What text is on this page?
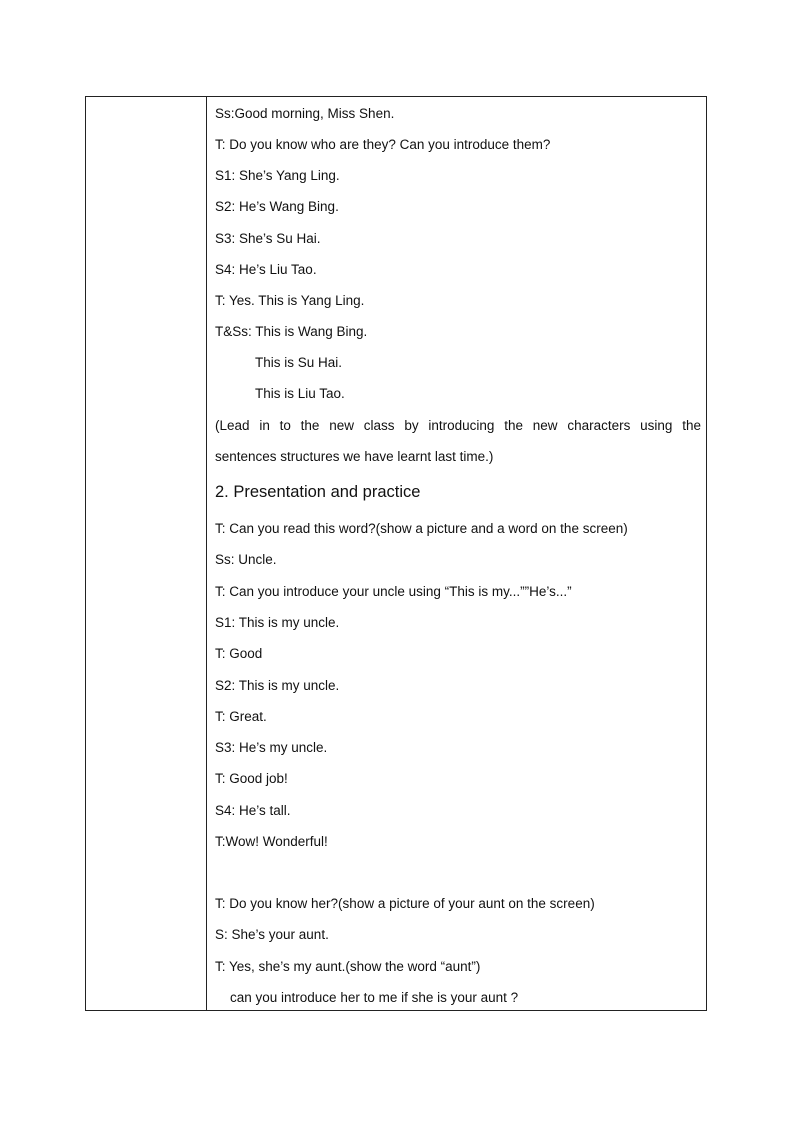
Ss:Good morning, Miss Shen.
T: Do you know who are they? Can you introduce them?
S1: She’s Yang Ling.
S2: He’s Wang Bing.
S3: She’s Su Hai.
S4: He’s Liu Tao.
T: Yes. This is Yang Ling.
T&Ss: This is Wang Bing.
This is Su Hai.
This is Liu Tao.
(Lead in to the new class by introducing the new characters using the
sentences structures we have learnt last time.)
2. Presentation and practice
T: Can you read this word?(show a picture and a word on the screen)
Ss: Uncle.
T: Can you introduce your uncle using “This is my...””He’s...”
S1: This is my uncle.
T: Good
S2: This is my uncle.
T: Great.
S3: He’s my uncle.
T: Good job!
S4: He’s tall.
T:Wow! Wonderful!
T: Do you know her?(show a picture of your aunt on the screen)
S: She’s your aunt.
T: Yes, she’s my aunt.(show the word “aunt”)
can you introduce her to me if she is your aunt ?
